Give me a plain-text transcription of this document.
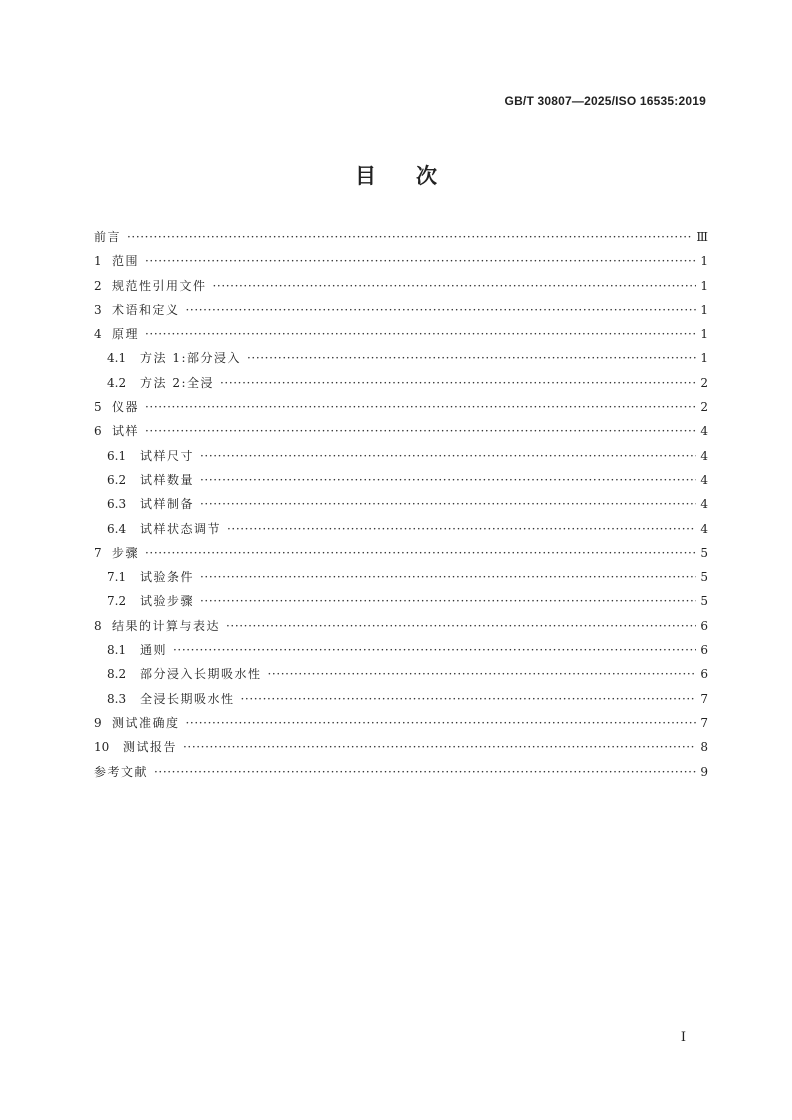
GB/T 30807—2025/ISO 16535:2019
目次
前言 ·····	Ⅲ
1 范围 ·····	1
2 规范性引用文件 ·····	1
3 术语和定义 ·····	1
4 原理 ·····	1
4.1	方法 1:部分浸入 ·····	1
4.2	方法 2:全浸 ·····	2
5 仪器 ·····	2
6 试样 ·····	4
6.1	试样尺寸 ·····	4
6.2	试样数量 ·····	4
6.3	试样制备 ·····	4
6.4	试样状态调节 ·····	4
7 步骤 ·····	5
7.1	试验条件 ·····	5
7.2	试验步骤 ·····	5
8 结果的计算与表达 ·····	6
8.1	通则 ·····	6
8.2	部分浸入长期吸水性 ·····	6
8.3	全浸长期吸水性 ·····	7
9 测试准确度 ·····	7
10	测试报告 ·····	8
参考文献 ·····	9
I
